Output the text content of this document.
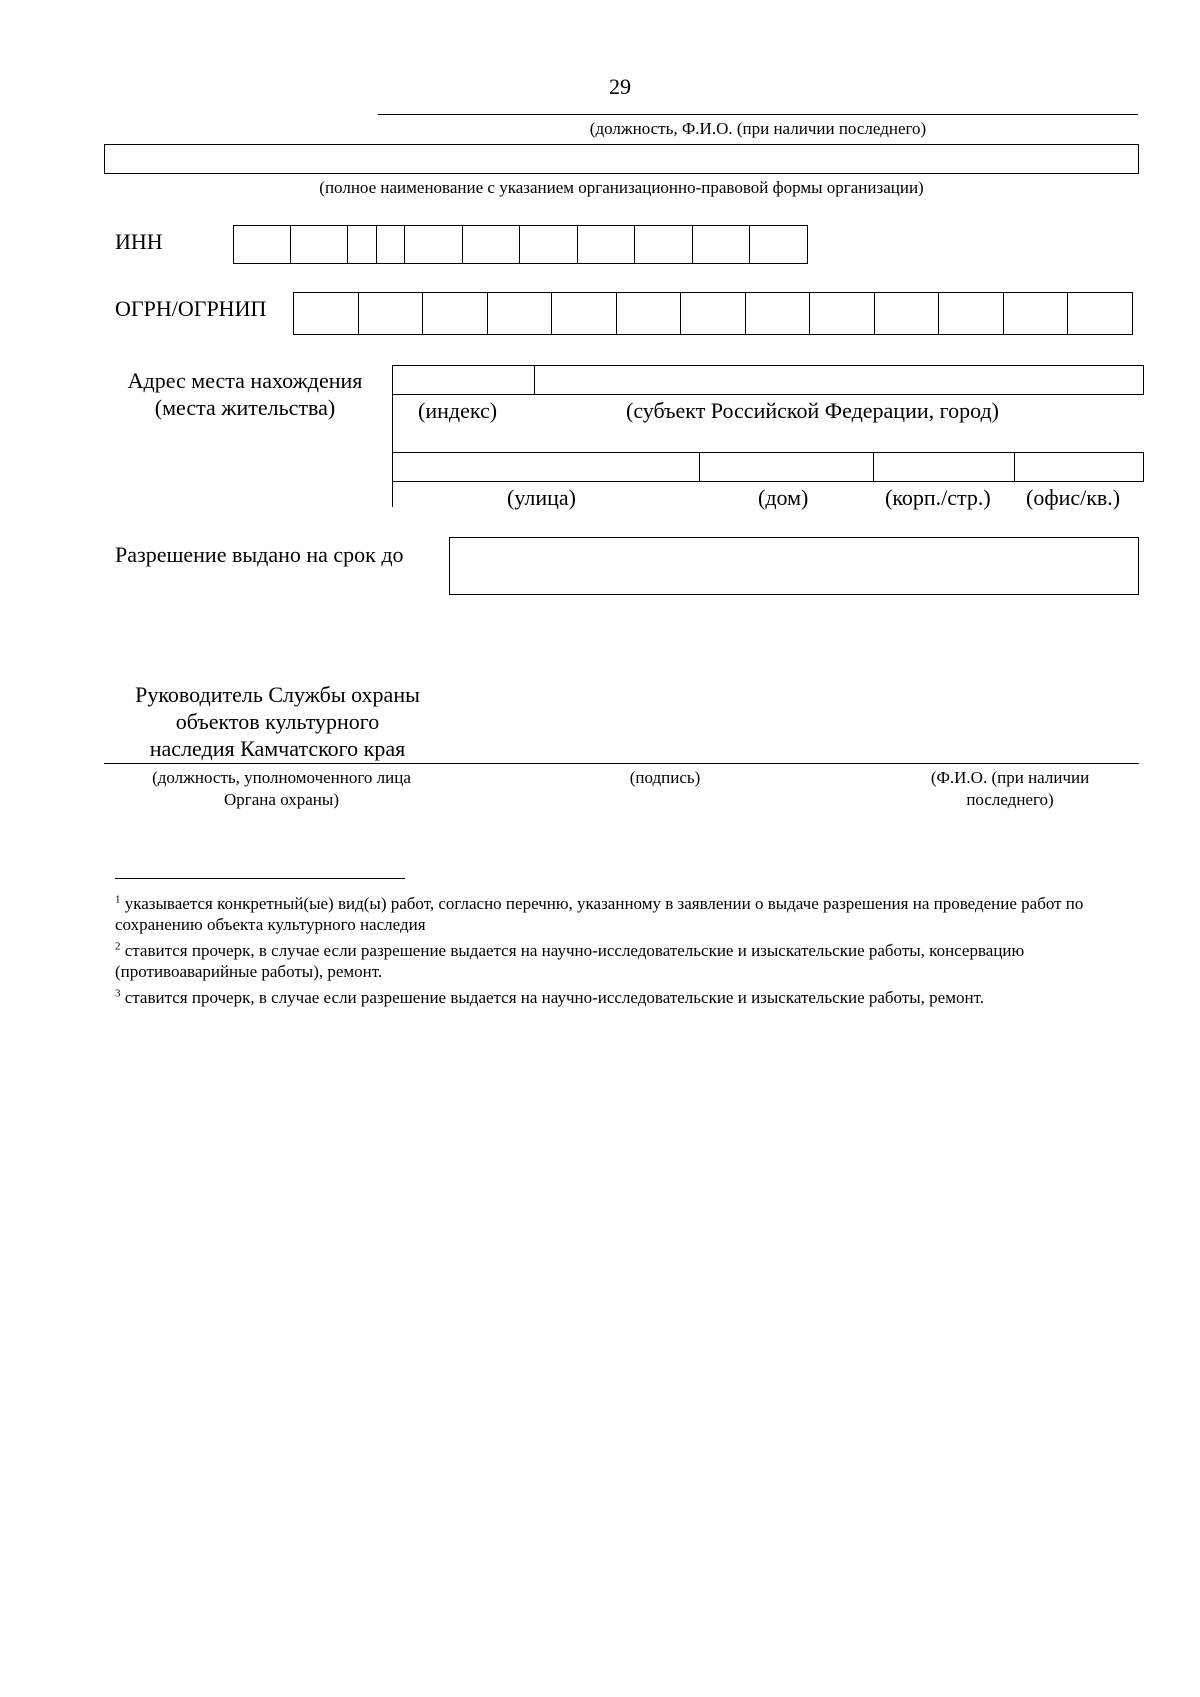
29
(должность, Ф.И.О. (при наличии последнего)
(полное наименование с указанием организационно-правовой формы организации)
ИНН
ОГРН/ОГРНИП
Адрес места нахождения
(места жительства)	(индекс)	(субъект Российской Федерации, город)
(улица)	(дом)	(корп./стр.) (офис/кв.)
Разрешение выдано на срок до
Руководитель Службы охраны
объектов культурного
наследия Камчатского края
(должность, уполномоченного лица
Органа охраны)
(подпись)	(Ф.И.О. (при наличии
последнего)
$^1$ указывается конкретный(ые) вид(ы) работ, согласно перечню, указанному в заявлении о выдаче разрешения на проведение работ по сохранению объекта культурного наследия
$^2$ ставится прочерк, в случае если разрешение выдается на научно-исследовательские и изыскательские работы, консервацию (противоаварийные работы), ремонт.
$^3$ ставится прочерк, в случае если разрешение выдается на научно-исследовательские и изыскательские работы, ремонт.
